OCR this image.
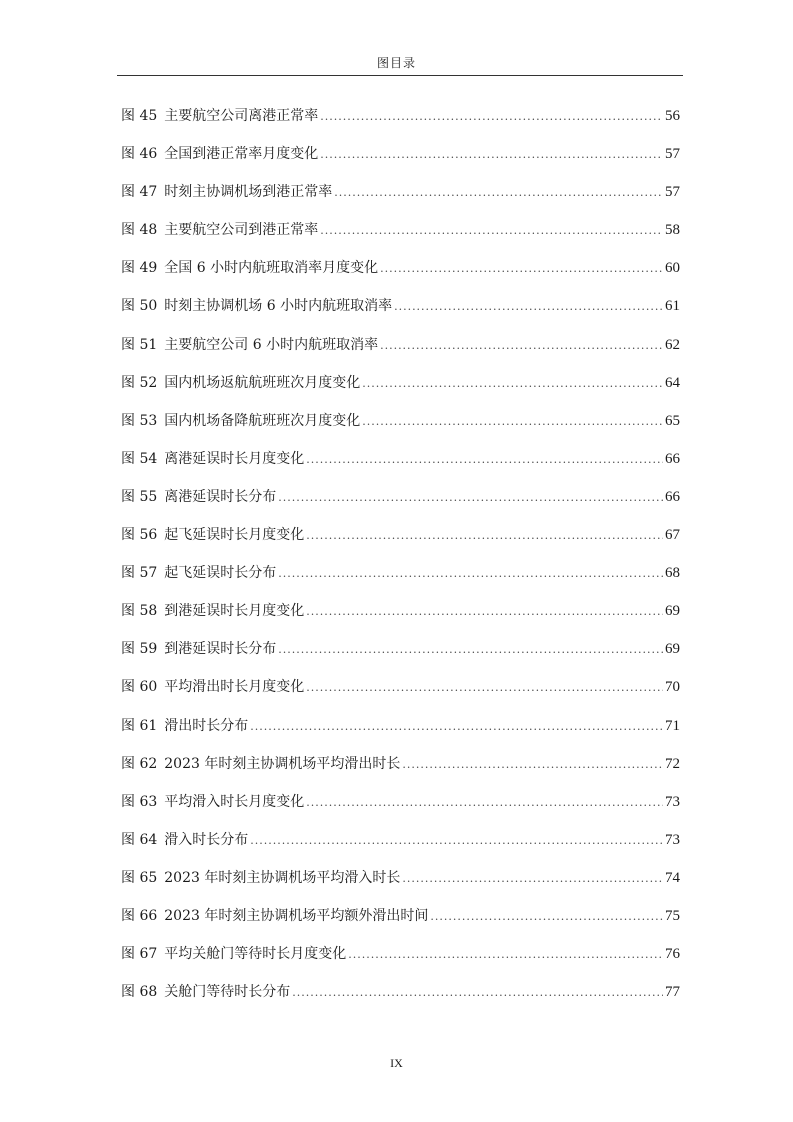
图目录
图 45 主要航空公司离港正常率 .....	56
图 46 全国到港正常率月度变化 .....	57
图 47 时刻主协调机场到港正常率 .....	57
图 48 主要航空公司到港正常率 .....	58
图 49 全国 6 小时内航班取消率月度变化 .....	60
图 50 时刻主协调机场 6 小时内航班取消率 .....	61
图 51 主要航空公司 6 小时内航班取消率 .....	62
图 52 国内机场返航航班班次月度变化 .....	64
图 53 国内机场备降航班班次月度变化 .....	65
图 54 离港延误时长月度变化 .....	66
图 55 离港延误时长分布 .....	66
图 56 起飞延误时长月度变化 .....	67
图 57 起飞延误时长分布 .....	68
图 58 到港延误时长月度变化 .....	69
图 59 到港延误时长分布 .....	69
图 60 平均滑出时长月度变化 .....	70
图 61 滑出时长分布 .....	71
图 62 2023 年时刻主协调机场平均滑出时长 .....	72
图 63 平均滑入时长月度变化 .....	73
图 64 滑入时长分布 .....	73
图 65 2023 年时刻主协调机场平均滑入时长 .....	74
图 66 2023 年时刻主协调机场平均额外滑出时间 .....	75
图 67 平均关舱门等待时长月度变化 .....	76
图 68 关舱门等待时长分布 .....	77
IX
